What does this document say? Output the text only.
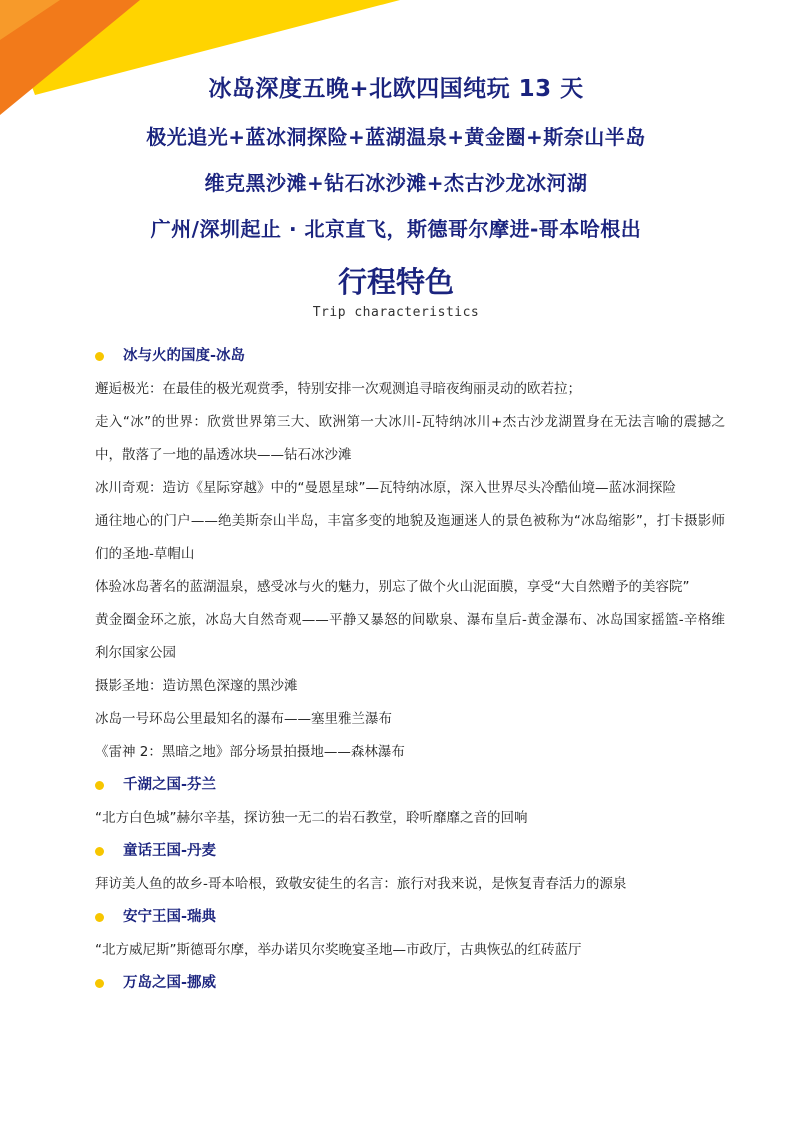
冰岛深度五晚+北欧四国纯玩 13 天
极光追光+蓝冰洞探险+蓝湖温泉+黄金圈+斯奈山半岛
维克黑沙滩+钻石冰沙滩+杰古沙龙冰河湖
广州/深圳起止 · 北京直飞，斯德哥尔摩进-哥本哈根出
行程特色
Trip characteristics
冰与火的国度-冰岛
邂逅极光：在最佳的极光观赏季，特别安排一次观测追寻暗夜绚丽灵动的欧若拉；
走入“冰”的世界：欣赏世界第三大、欧洲第一大冰川-瓦特纳冰川+杰古沙龙湖置身在无法言喻的震撼之中，散落了一地的晶透冰块——钻石冰沙滩
冰川奇观：造访《星际穿越》中的“曼恩星球”—瓦特纳冰原，深入世界尽头冷酷仙境—蓝冰洞探险
通往地心的门户——绝美斯奈山半岛，丰富多变的地貌及迤逦迷人的景色被称为“冰岛缩影”，打卡摄影师们的圣地-草帽山
体验冰岛著名的蓝湖温泉，感受冰与火的魅力，别忘了做个火山泥面膜，享受“大自然赠予的美容院”
黄金圈金环之旅，冰岛大自然奇观——平静又暴怒的间歇泉、瀑布皇后-黄金瀑布、冰岛国家摇篮-辛格维利尔国家公园
摄影圣地：造访黑色深邃的黑沙滩
冰岛一号环岛公里最知名的瀑布——塞里雅兰瀑布
《雷神 2：黑暗之地》部分场景拍摄地——森林瀑布
千湖之国-芬兰
“北方白色城”赫尔辛基，探访独一无二的岩石教堂，聆听靡靡之音的回响
童话王国-丹麦
拜访美人鱼的故乡-哥本哈根，致敬安徒生的名言：旅行对我来说，是恢复青春活力的源泉
安宁王国-瑞典
“北方威尼斯”斯德哥尔摩，举办诺贝尔奖晚宴圣地—市政厅，古典恢弘的红砖蓝厅
万岛之国-挪威
